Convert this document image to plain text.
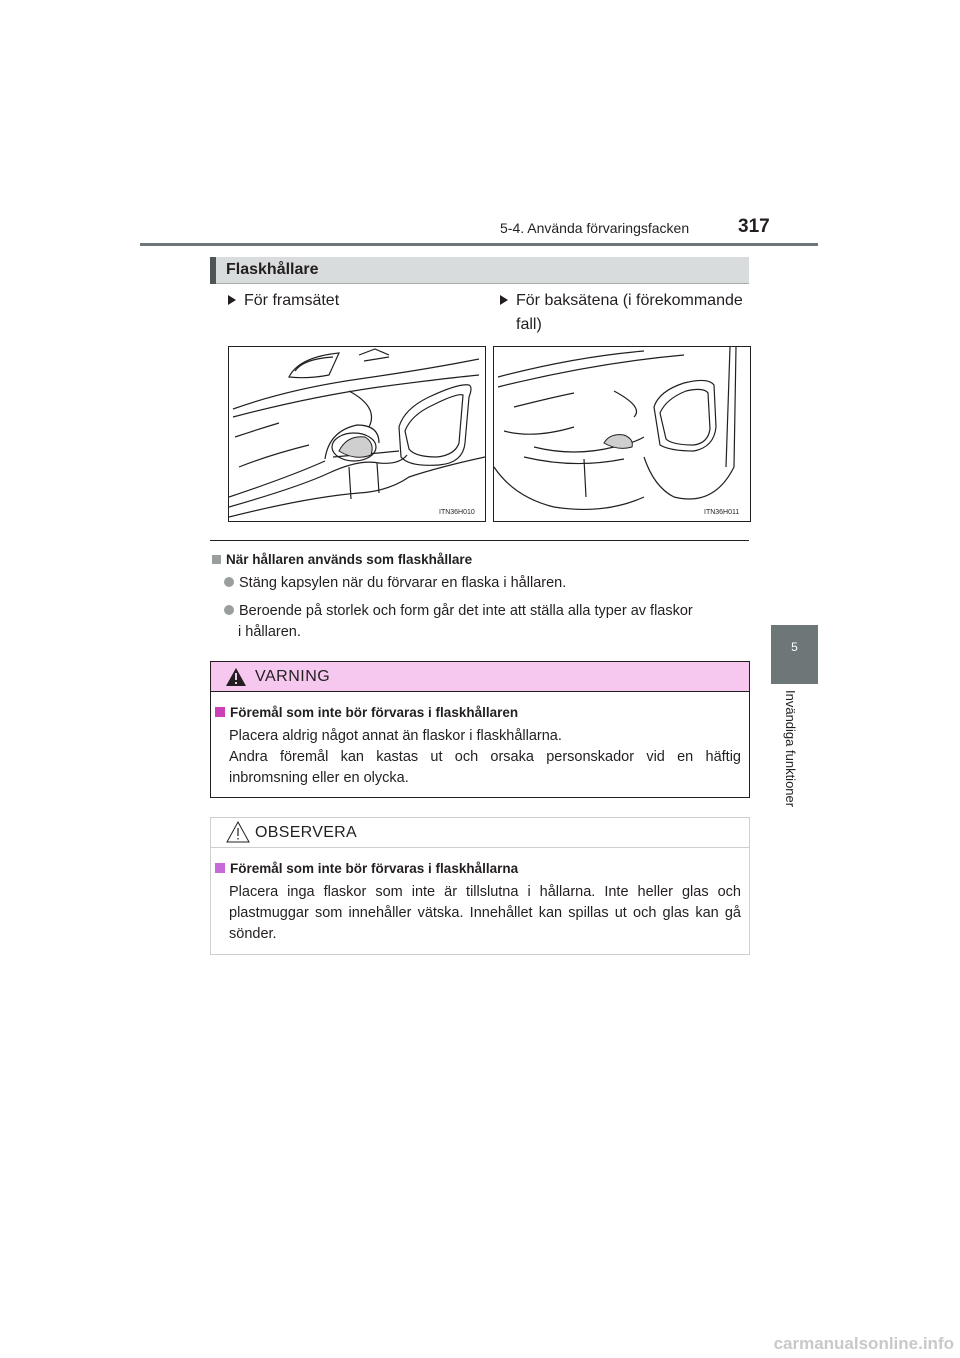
5-4. Använda förvaringsfacken	317
5
Invändiga funktioner
Flaskhållare
För framsätet	För baksätena (i förekommande
fall)
ITN36H010	ITN36H011
När hållaren används som flaskhållare
Stäng kapsylen när du förvarar en flaska i hållaren.
Beroende på storlek och form går det inte att ställa alla typer av flaskor
i hållaren.
VARNING
Föremål som inte bör förvaras i flaskhållaren
Placera aldrig något annat än flaskor i flaskhållarna.
Andra föremål kan kastas ut och orsaka personskador vid en häftig inbromsning eller en olycka.
OBSERVERA
Föremål som inte bör förvaras i flaskhållarna
Placera inga flaskor som inte är tillslutna i hållarna. Inte heller glas och plastmuggar som innehåller vätska. Innehållet kan spillas ut och glas kan gå sönder.
carmanualsonline.info
